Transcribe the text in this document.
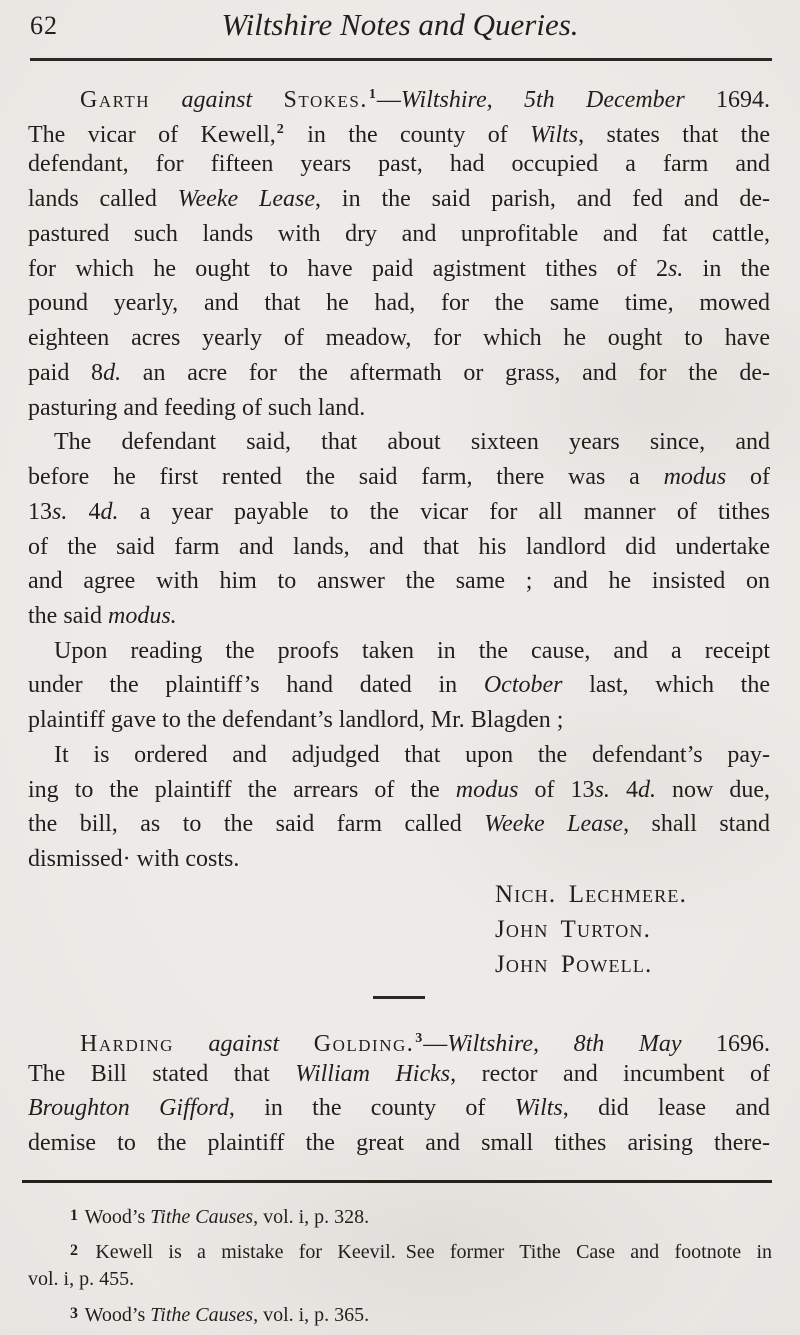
62	Wiltshire Notes and Queries.
Garth against Stokes.$^1$—Wiltshire, 5th December 1694.
The vicar of Kewell,$^2$ in the county of Wilts, states that the
defendant, for fifteen years past, had occupied a farm and
lands called Weeke Lease, in the said parish, and fed and de-
pastured such lands with dry and unprofitable and fat cattle,
for which he ought to have paid agistment tithes of 2s. in the
pound yearly, and that he had, for the same time, mowed
eighteen acres yearly of meadow, for which he ought to have
paid 8d. an acre for the aftermath or grass, and for the de-
pasturing and feeding of such land.
The defendant said, that about sixteen years since, and
before he first rented the said farm, there was a modus of
13s. 4d. a year payable to the vicar for all manner of tithes
of the said farm and lands, and that his landlord did undertake
and agree with him to answer the same ; and he insisted on
the said modus.
Upon reading the proofs taken in the cause, and a receipt
under the plaintiff’s hand dated in October last, which the
plaintiff gave to the defendant’s landlord, Mr. Blagden ;
It is ordered and adjudged that upon the defendant’s pay-
ing to the plaintiff the arrears of the modus of 13s. 4d. now due,
the bill, as to the said farm called Weeke Lease, shall stand
dismissed· with costs.
Nich. Lechmere.
John Turton.
John Powell.
Harding against Golding.$^3$—Wiltshire, 8th May 1696.
The Bill stated that William Hicks, rector and incumbent of
Broughton Gifford, in the county of Wilts, did lease and
demise to the plaintiff the great and small tithes arising there-
1 Wood’s Tithe Causes, vol. i, p. 328.
2 Kewell is a mistake for Keevil. See former Tithe Case and footnote in
vol. i, p. 455.
3 Wood’s Tithe Causes, vol. i, p. 365.
